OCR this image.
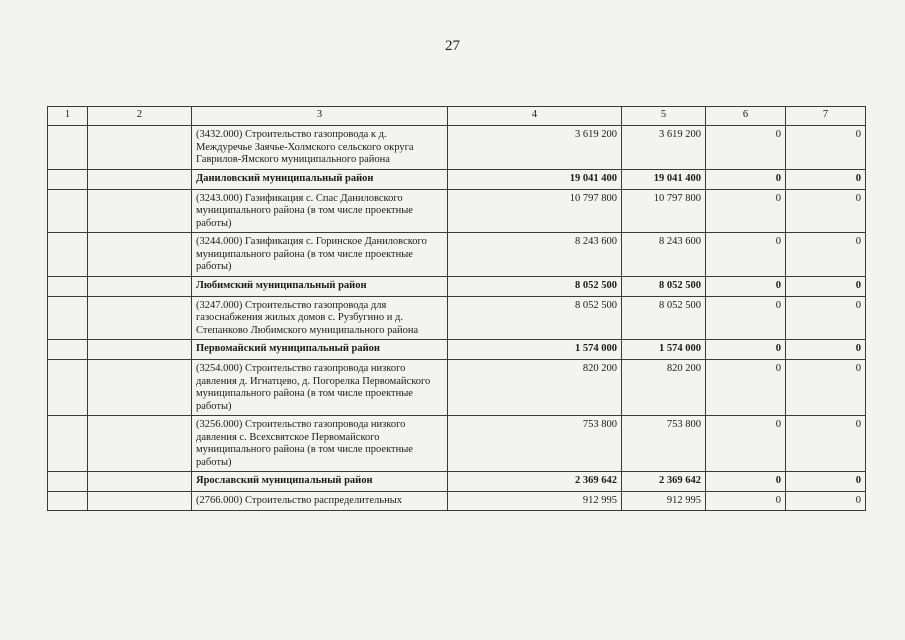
27
1	2	3	4	5	6	7
		(3432.000) Строительство газопровода к д. Междуречье Заячье-Холмского сельского округа Гаврилов-Ямского муниципального района	3 619 200	3 619 200	0	0
		Даниловский муниципальный район	19 041 400	19 041 400	0	0
		(3243.000) Газификация с. Спас Даниловского муниципального района (в том числе проектные работы)	10 797 800	10 797 800	0	0
		(3244.000) Газификация с. Горинское Даниловского муниципального района (в том числе проектные работы)	8 243 600	8 243 600	0	0
		Любимский муниципальный район	8 052 500	8 052 500	0	0
		(3247.000) Строительство газопровода для газоснабжения жилых домов с. Рузбугино и д. Степанково Любимского муниципального района	8 052 500	8 052 500	0	0
		Первомайский муниципальный район	1 574 000	1 574 000	0	0
		(3254.000) Строительство газопровода низкого давления д. Игнатцево, д. Погорелка Первомайского муниципального района (в том числе проектные работы)	820 200	820 200	0	0
		(3256.000) Строительство газопровода низкого давления с. Всехсвятское Первомайского муниципального района (в том числе проектные работы)	753 800	753 800	0	0
		Ярославский муниципальный район	2 369 642	2 369 642	0	0
		(2766.000) Строительство распределительных	912 995	912 995	0	0
